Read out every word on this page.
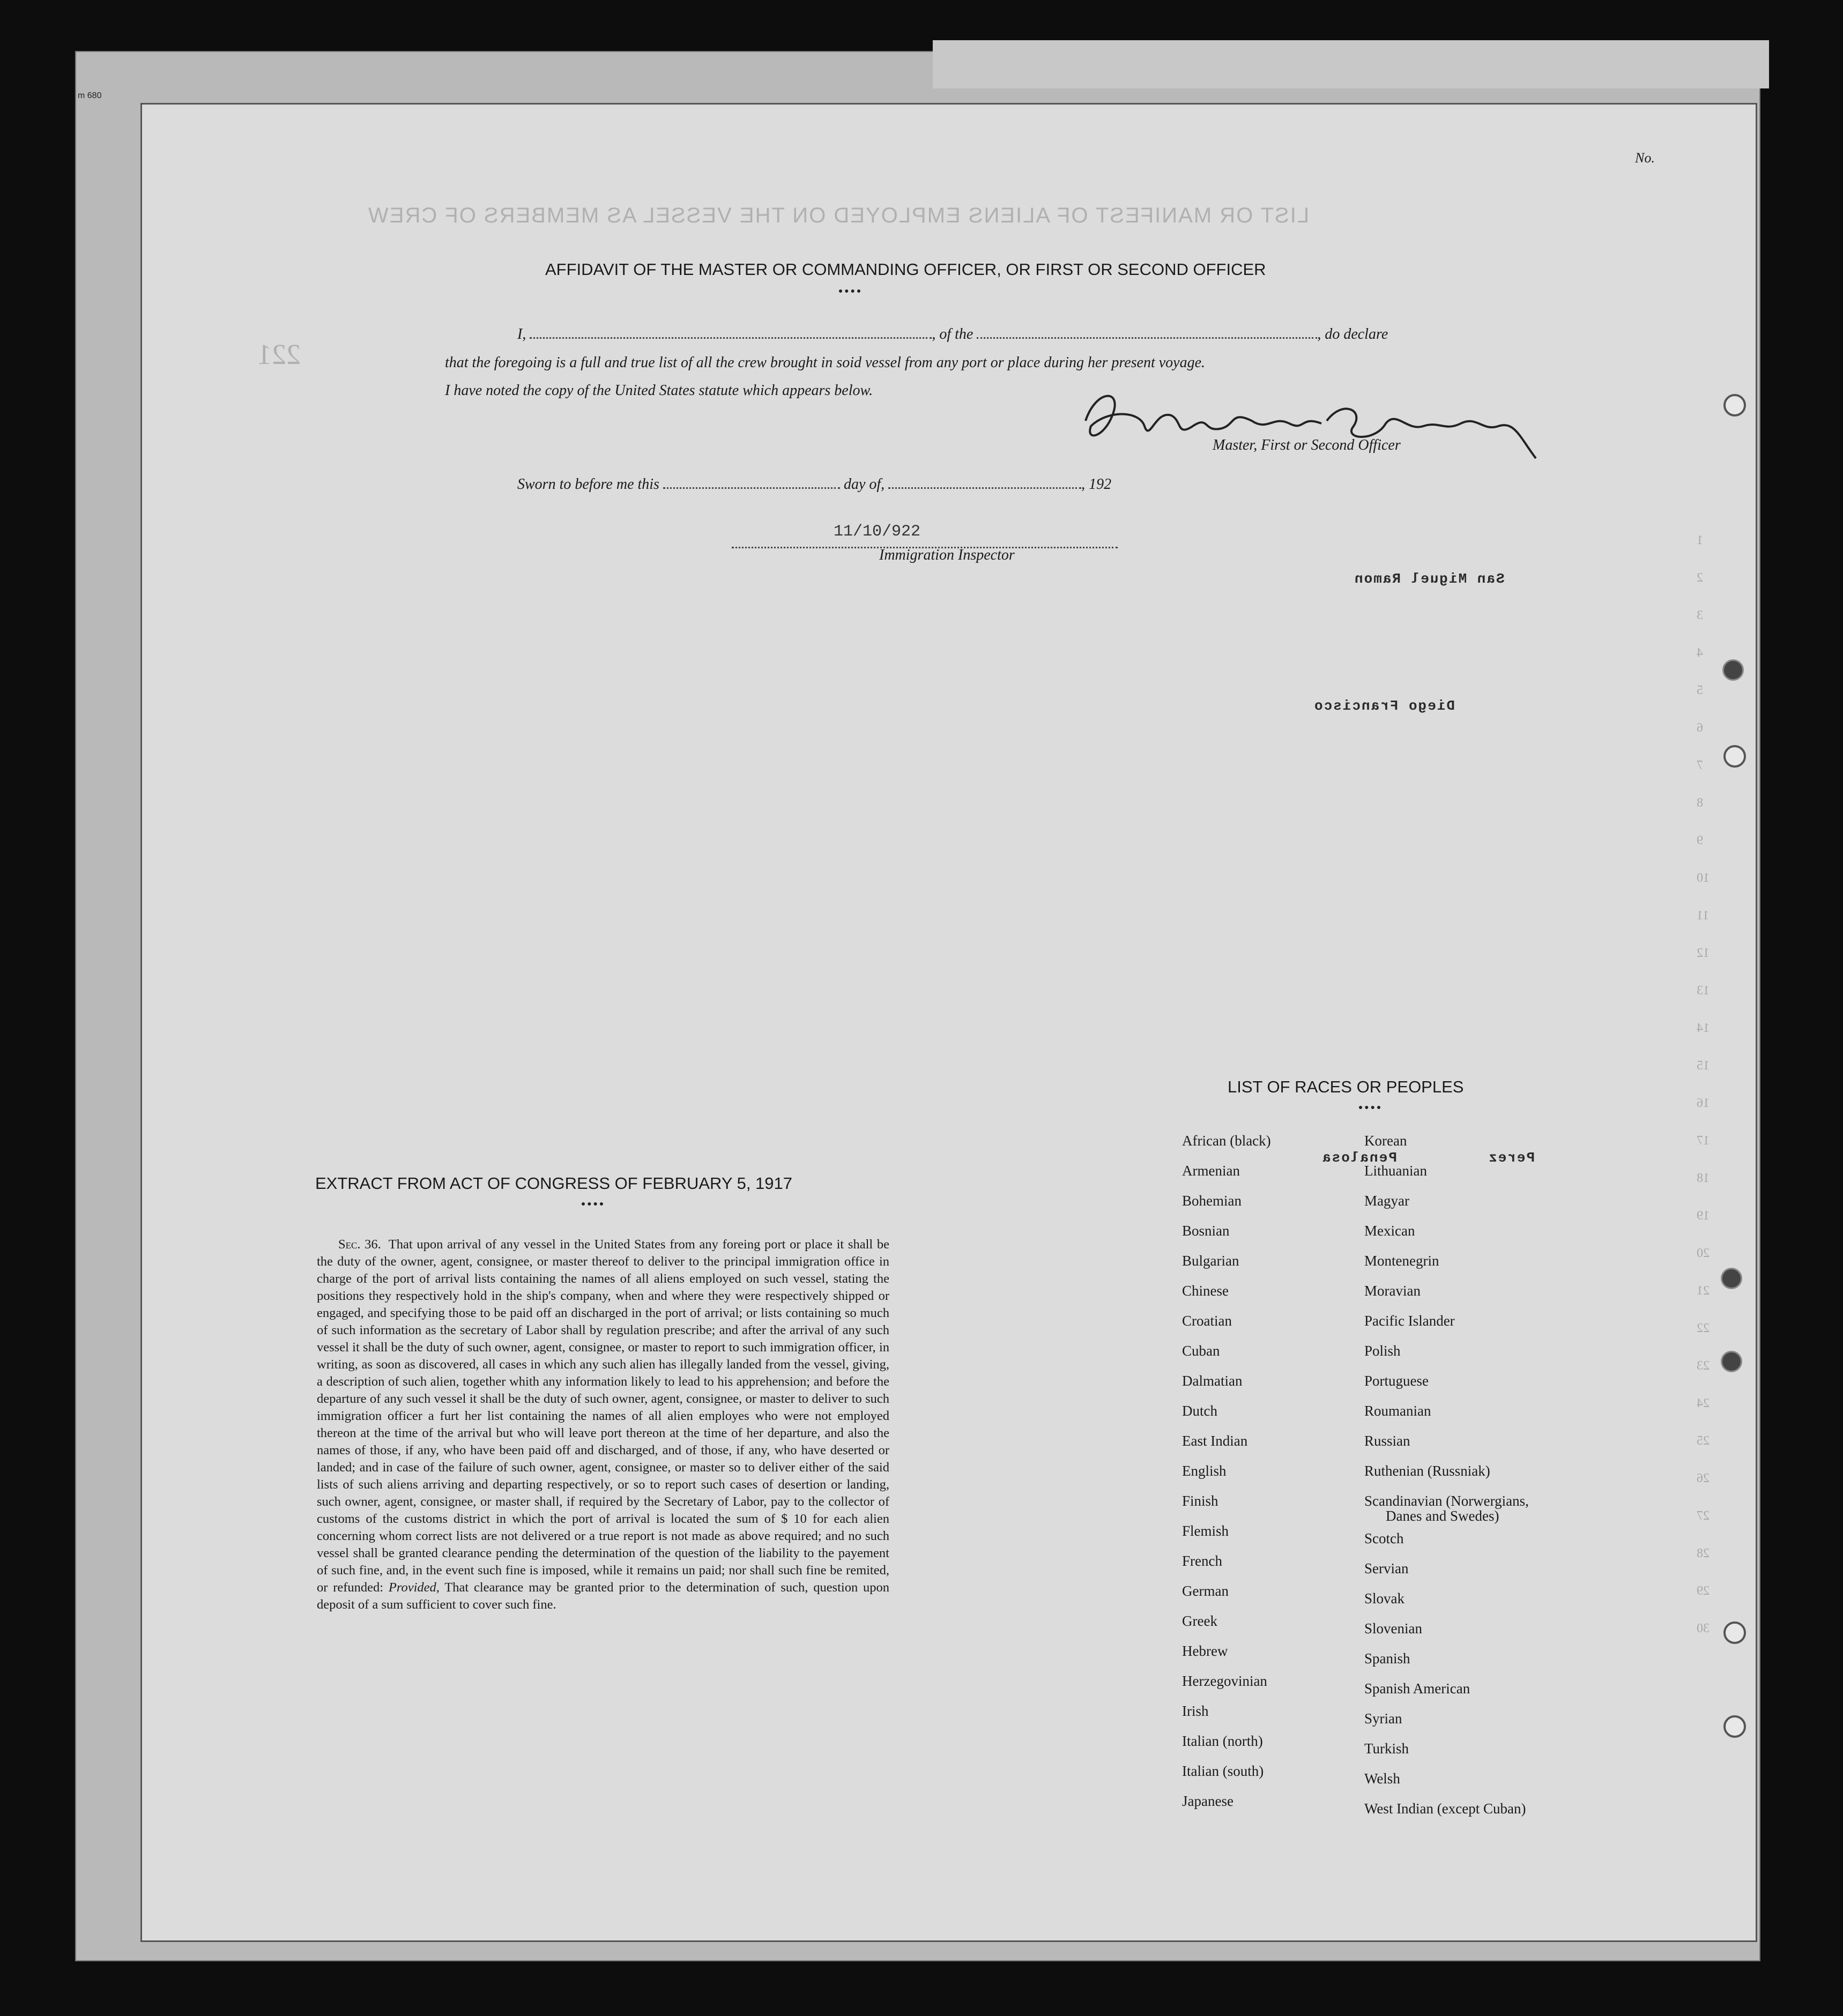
m 680
LIST OR MANIFEST OF ALIENS EMPLOYED ON THE VESSEL AS MEMBERS OF CREW
221
1
2
3
4
5
6
7
8
9
10
11
12
13
14
15
16
17
18
19
20
21
22
23
24
25
26
27
28
29
30
No.
AFFIDAVIT OF THE MASTER OR COMMANDING OFFICER, OR FIRST OR SECOND OFFICER
I,	, of the	, do declare
that the foregoing is a full and true list of all the crew brought in soid vessel from any port or place during her present voyage.
I have noted the copy of the United States statute which appears below.
Master, First or Second Officer
Sworn to before me this	day of,	, 192
11/10/922
Immigration Inspector
San Miguel Ramon
Diego Francisco
Penalosa	Perez
LIST OF RACES OR PEOPLES
African (black)
Armenian
Bohemian
Bosnian
Bulgarian
Chinese
Croatian
Cuban
Dalmatian
Dutch
East Indian
English
Finish
Flemish
French
German
Greek
Hebrew
Herzegovinian
Irish
Italian (north)
Italian (south)
Japanese
Korean
Lithuanian
Magyar
Mexican
Montenegrin
Moravian
Pacific Islander
Polish
Portuguese
Roumanian
Russian
Ruthenian (Russniak)
Scandinavian (Norwergians,
Danes and Swedes)
Scotch
Servian
Slovak
Slovenian
Spanish
Spanish American
Syrian
Turkish
Welsh
West Indian (except Cuban)
EXTRACT FROM ACT OF CONGRESS OF FEBRUARY 5, 1917
Sec. 36. That upon arrival of any vessel in the United States from any foreing port or place it shall be the duty of the owner, agent, consignee, or master thereof to deliver to the principal immigration office in charge of the port of arrival lists containing the names of all aliens employed on such vessel, stating the positions they respectively hold in the ship's company, when and where they were respectively shipped or engaged, and specifying those to be paid off an discharged in the port of arrival; or lists containing so much of such information as the secretary of Labor shall by regulation prescribe; and after the arrival of any such vessel it shall be the duty of such owner, agent, consignee, or master to report to such immigration officer, in writing, as soon as discovered, all cases in which any such alien has illegally landed from the vessel, giving, a description of such alien, together whith any information likely to lead to his apprehension; and before the departure of any such vessel it shall be the duty of such owner, agent, consignee, or master to deliver to such immigration officer a furt her list containing the names of all alien employes who were not employed thereon at the time of the arrival but who will leave port thereon at the time of her departure, and also the names of those, if any, who have been paid off and discharged, and of those, if any, who have deserted or landed; and in case of the failure of such owner, agent, consignee, or master so to deliver either of the said lists of such aliens arriving and departing respectively, or so to report such cases of desertion or landing, such owner, agent, consignee, or master shall, if required by the Secretary of Labor, pay to the collector of customs of the customs district in which the port of arrival is located the sum of $ 10 for each alien concerning whom correct lists are not delivered or a true report is not made as above required; and no such vessel shall be granted clearance pending the determination of the question of the liability to the payement of such fine, and, in the event such fine is imposed, while it remains un paid; nor shall such fine be remited, or refunded: Provided, That clearance may be granted prior to the determination of such, question upon deposit of a sum sufficient to cover such fine.
